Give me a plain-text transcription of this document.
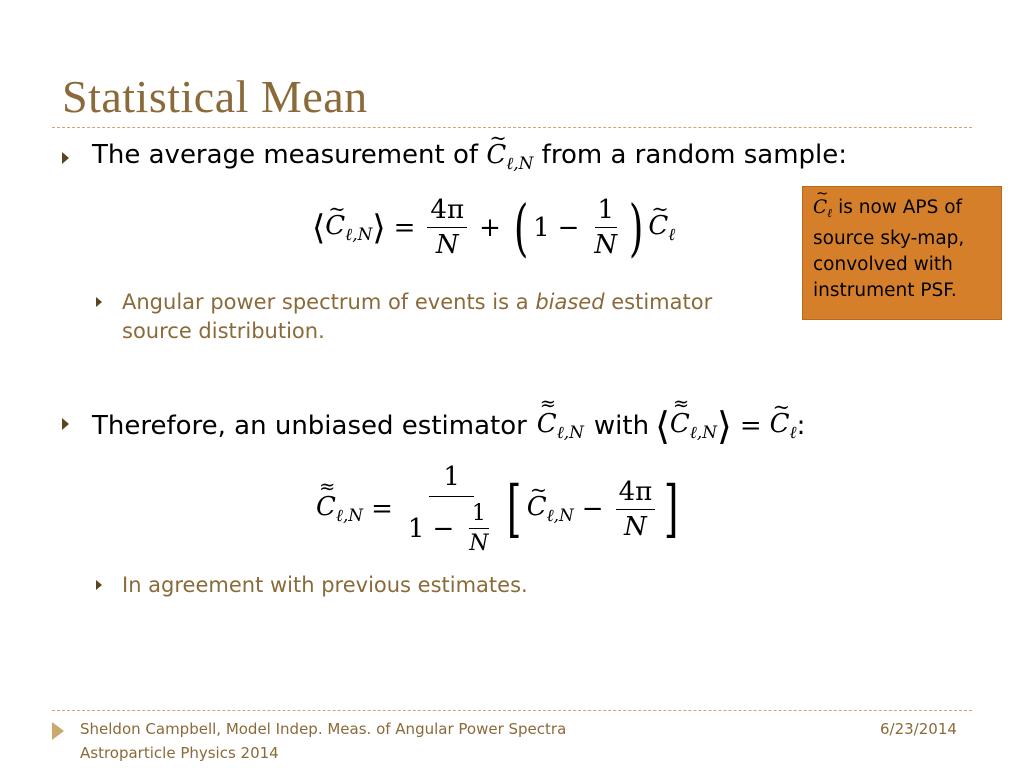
Statistical Mean
The average measurement of ~ $C_{\ell,N}$ from a random sample:
⟨ ~ $C_{\ell,N}$ ⟩ = $\frac{4\pi}{N}$ + ( $1 - \frac{1}{N}$ ) ~ $C_\ell$
Angular power spectrum of events is a biased estimator
source distribution.
~ $C_\ell$ is now APS of source sky-map, convolved with instrument PSF.
Therefore, an unbiased estimator ≈ $C_{\ell,N}$ with ⟨ ≈ $C_{\ell,N}$ ⟩ = ~ $C_\ell$ :
≈ $C_{\ell,N} = \frac{1}{1 - \frac{1}{N}}$ [ ~ $C_{\ell,N} - \frac{4\pi}{N}$ ]
In agreement with previous estimates.
Sheldon Campbell, Model Indep. Meas. of Angular Power Spectra
Astroparticle Physics 2014
6/23/2014
